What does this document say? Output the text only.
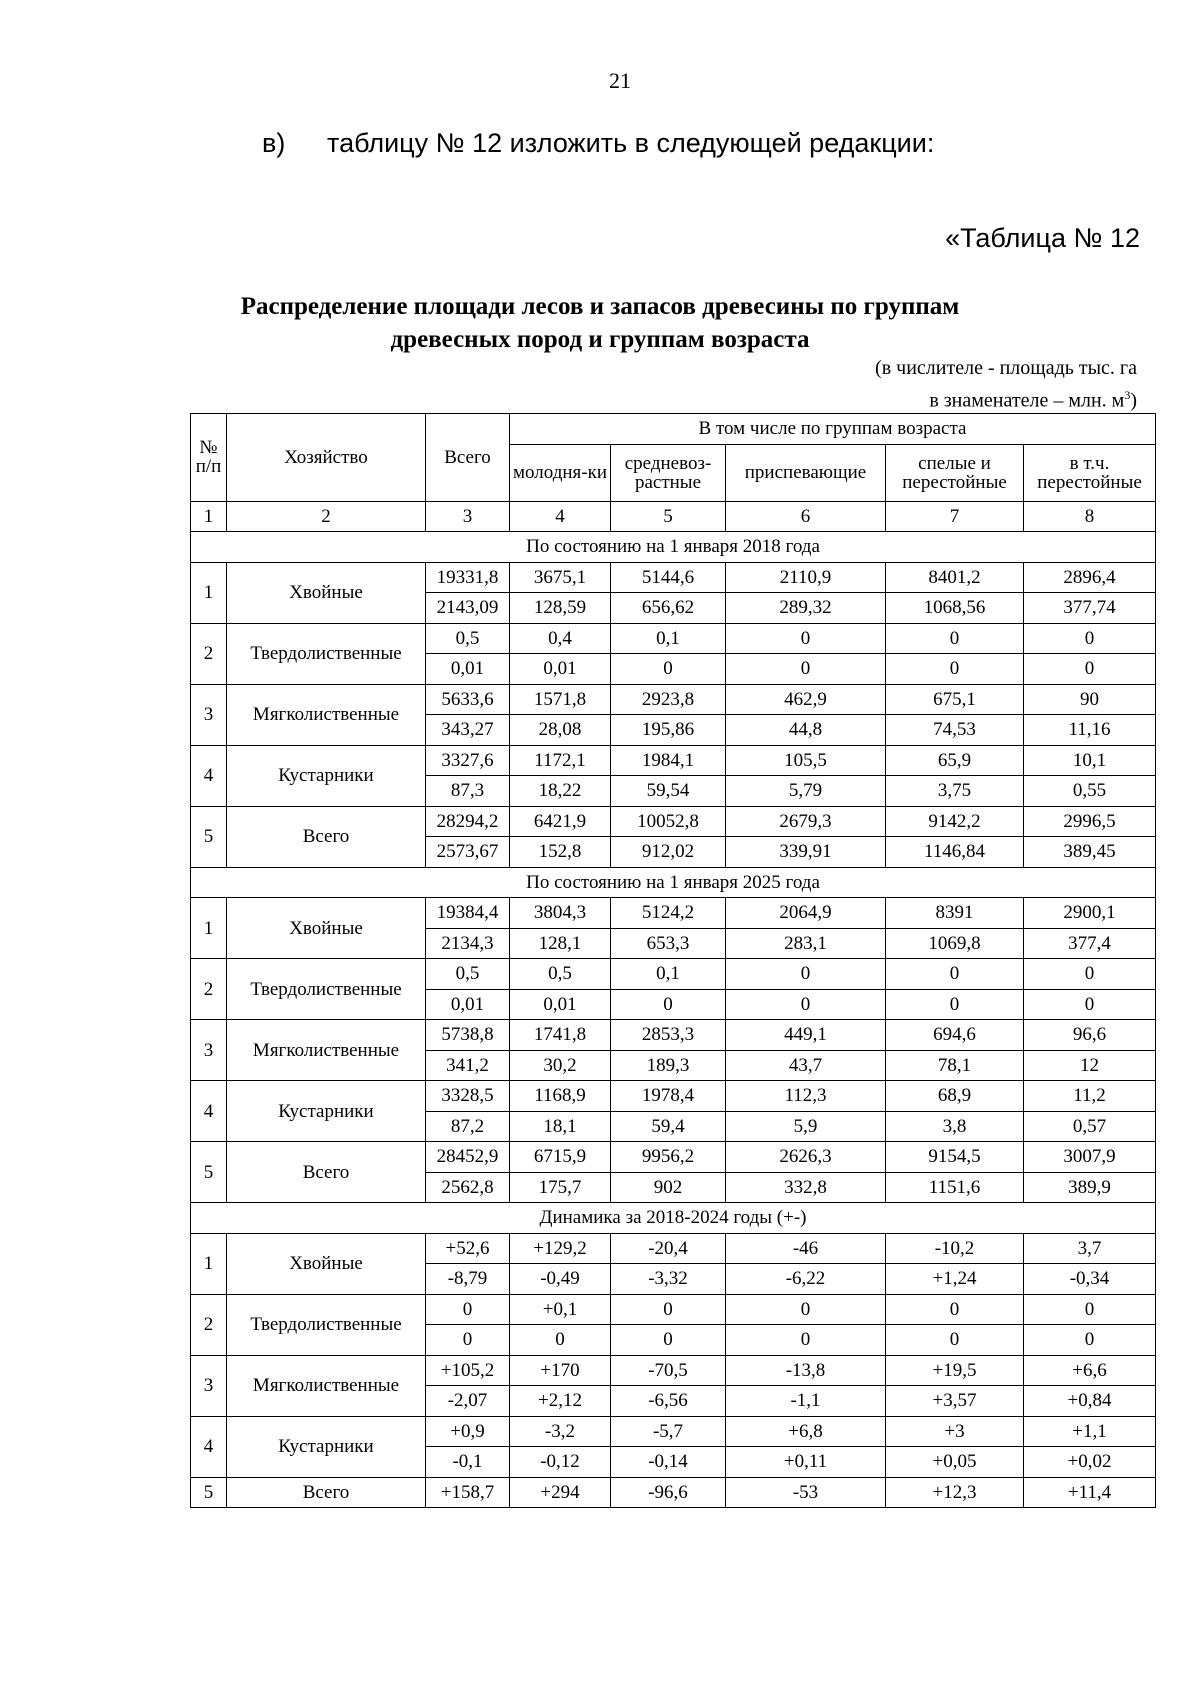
21
в) таблицу № 12 изложить в следующей редакции:
«Таблица № 12
Распределение площади лесов и запасов древесины по группам
древесных пород и группам возраста
(в числителе - площадь тыс. га
в знаменателе – млн. $м^3$)
№ п/п	Хозяйство	Всего	В том числе по группам возраста				
			молодня-ки	средневоз-растные	приспевающие	спелые и перестойные	в т.ч. перестойные
1	2	3	4	5	6	7	8
По состоянию на 1 января 2018 года							
1	Хвойные	19331,8	3675,1	5144,6	2110,9	8401,2	2896,4
		2143,09	128,59	656,62	289,32	1068,56	377,74
2	Твердолиственные	0,5	0,4	0,1	0	0	0
		0,01	0,01	0	0	0	0
3	Мягколиственные	5633,6	1571,8	2923,8	462,9	675,1	90
		343,27	28,08	195,86	44,8	74,53	11,16
4	Кустарники	3327,6	1172,1	1984,1	105,5	65,9	10,1
		87,3	18,22	59,54	5,79	3,75	0,55
5	Всего	28294,2	6421,9	10052,8	2679,3	9142,2	2996,5
		2573,67	152,8	912,02	339,91	1146,84	389,45
По состоянию на 1 января 2025 года							
1	Хвойные	19384,4	3804,3	5124,2	2064,9	8391	2900,1
		2134,3	128,1	653,3	283,1	1069,8	377,4
2	Твердолиственные	0,5	0,5	0,1	0	0	0
		0,01	0,01	0	0	0	0
3	Мягколиственные	5738,8	1741,8	2853,3	449,1	694,6	96,6
		341,2	30,2	189,3	43,7	78,1	12
4	Кустарники	3328,5	1168,9	1978,4	112,3	68,9	11,2
		87,2	18,1	59,4	5,9	3,8	0,57
5	Всего	28452,9	6715,9	9956,2	2626,3	9154,5	3007,9
		2562,8	175,7	902	332,8	1151,6	389,9
Динамика за 2018-2024 годы (+-)							
1	Хвойные	+52,6	+129,2	-20,4	-46	-10,2	3,7
		-8,79	-0,49	-3,32	-6,22	+1,24	-0,34
2	Твердолиственные	0	+0,1	0	0	0	0
		0	0	0	0	0	0
3	Мягколиственные	+105,2	+170	-70,5	-13,8	+19,5	+6,6
		-2,07	+2,12	-6,56	-1,1	+3,57	+0,84
4	Кустарники	+0,9	-3,2	-5,7	+6,8	+3	+1,1
		-0,1	-0,12	-0,14	+0,11	+0,05	+0,02
5	Всего	+158,7	+294	-96,6	-53	+12,3	+11,4
